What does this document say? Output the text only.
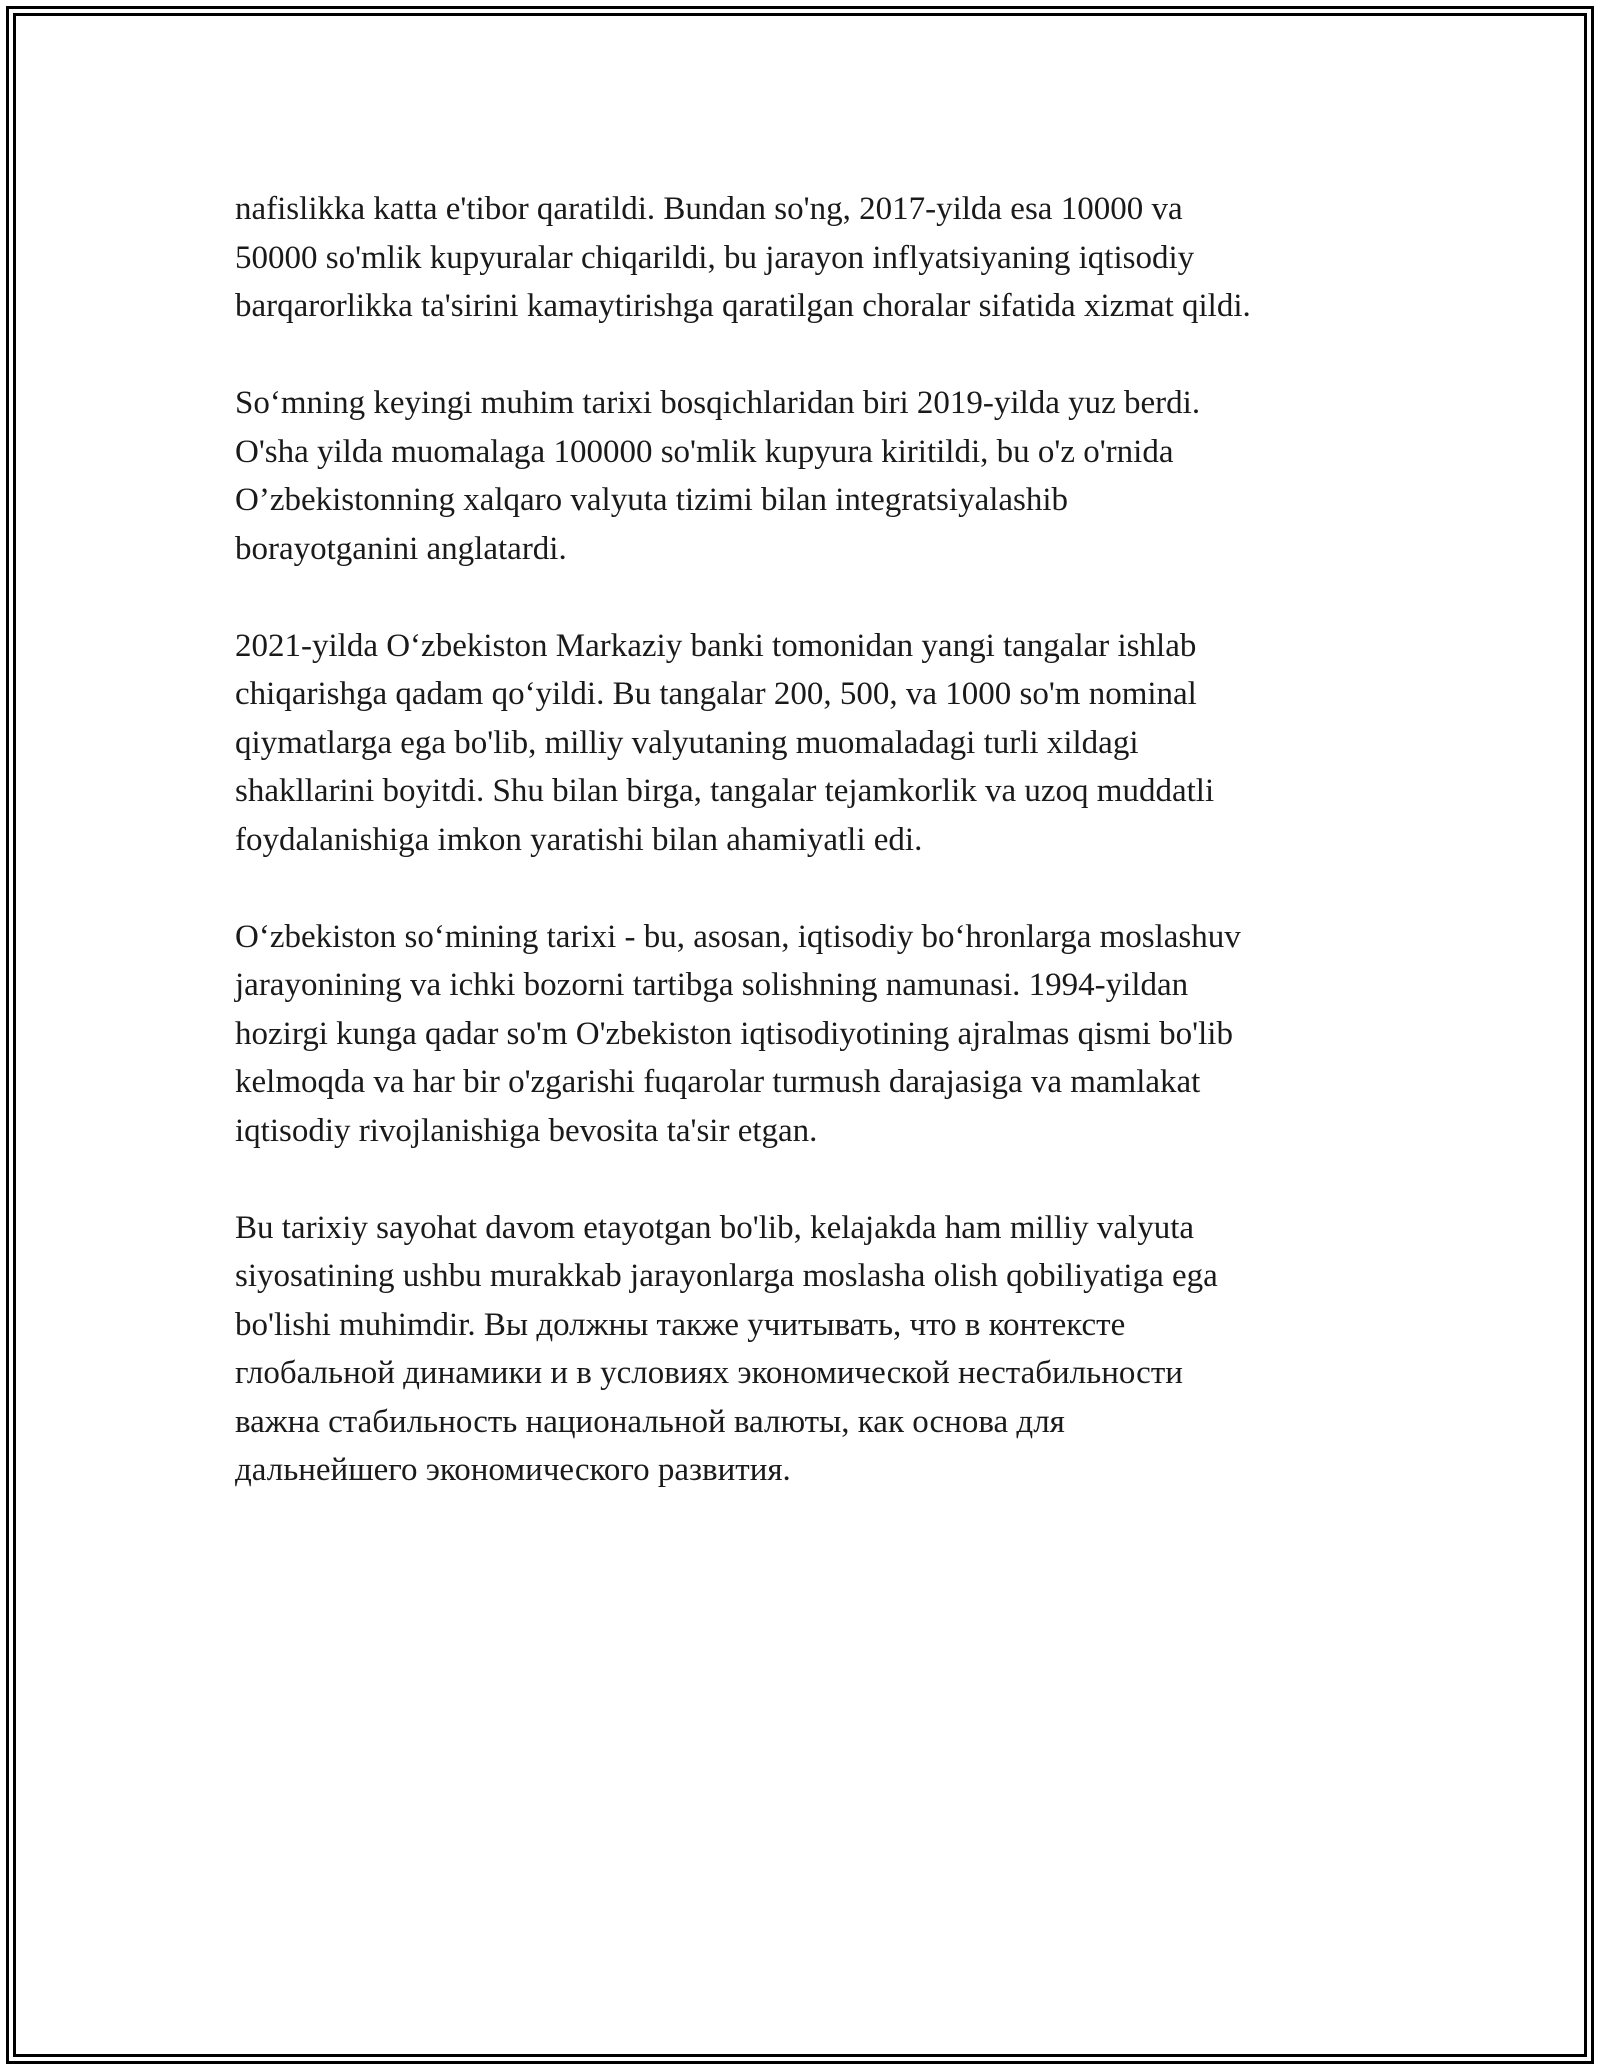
nafislikka katta e'tibor qaratildi. Bundan so'ng, 2017-yilda esa 10000 va
50000 so'mlik kupyuralar chiqarildi, bu jarayon inflyatsiyaning iqtisodiy
barqarorlikka ta'sirini kamaytirishga qaratilgan choralar sifatida xizmat qildi.

So‘mning keyingi muhim tarixi bosqichlaridan biri 2019-yilda yuz berdi.
O'sha yilda muomalaga 100000 so'mlik kupyura kiritildi, bu o'z o'rnida
O’zbekistonning xalqaro valyuta tizimi bilan integratsiyalashib
borayotganini anglatardi.

2021-yilda O‘zbekiston Markaziy banki tomonidan yangi tangalar ishlab
chiqarishga qadam qo‘yildi. Bu tangalar 200, 500, va 1000 so'm nominal
qiymatlarga ega bo'lib, milliy valyutaning muomaladagi turli xildagi
shakllarini boyitdi. Shu bilan birga, tangalar tejamkorlik va uzoq muddatli
foydalanishiga imkon yaratishi bilan ahamiyatli edi.

O‘zbekiston so‘mining tarixi - bu, asosan, iqtisodiy bo‘hronlarga moslashuv
jarayonining va ichki bozorni tartibga solishning namunasi. 1994-yildan
hozirgi kunga qadar so'm O'zbekiston iqtisodiyotining ajralmas qismi bo'lib
kelmoqda va har bir o'zgarishi fuqarolar turmush darajasiga va mamlakat
iqtisodiy rivojlanishiga bevosita ta'sir etgan.

Bu tarixiy sayohat davom etayotgan bo'lib, kelajakda ham milliy valyuta
siyosatining ushbu murakkab jarayonlarga moslasha olish qobiliyatiga ega
bo'lishi muhimdir. Вы должны также учитывать, что в контексте
глобальной динамики и в условиях экономической нестабильности
важна стабильность национальной валюты, как основа для
дальнейшего экономического развития.
